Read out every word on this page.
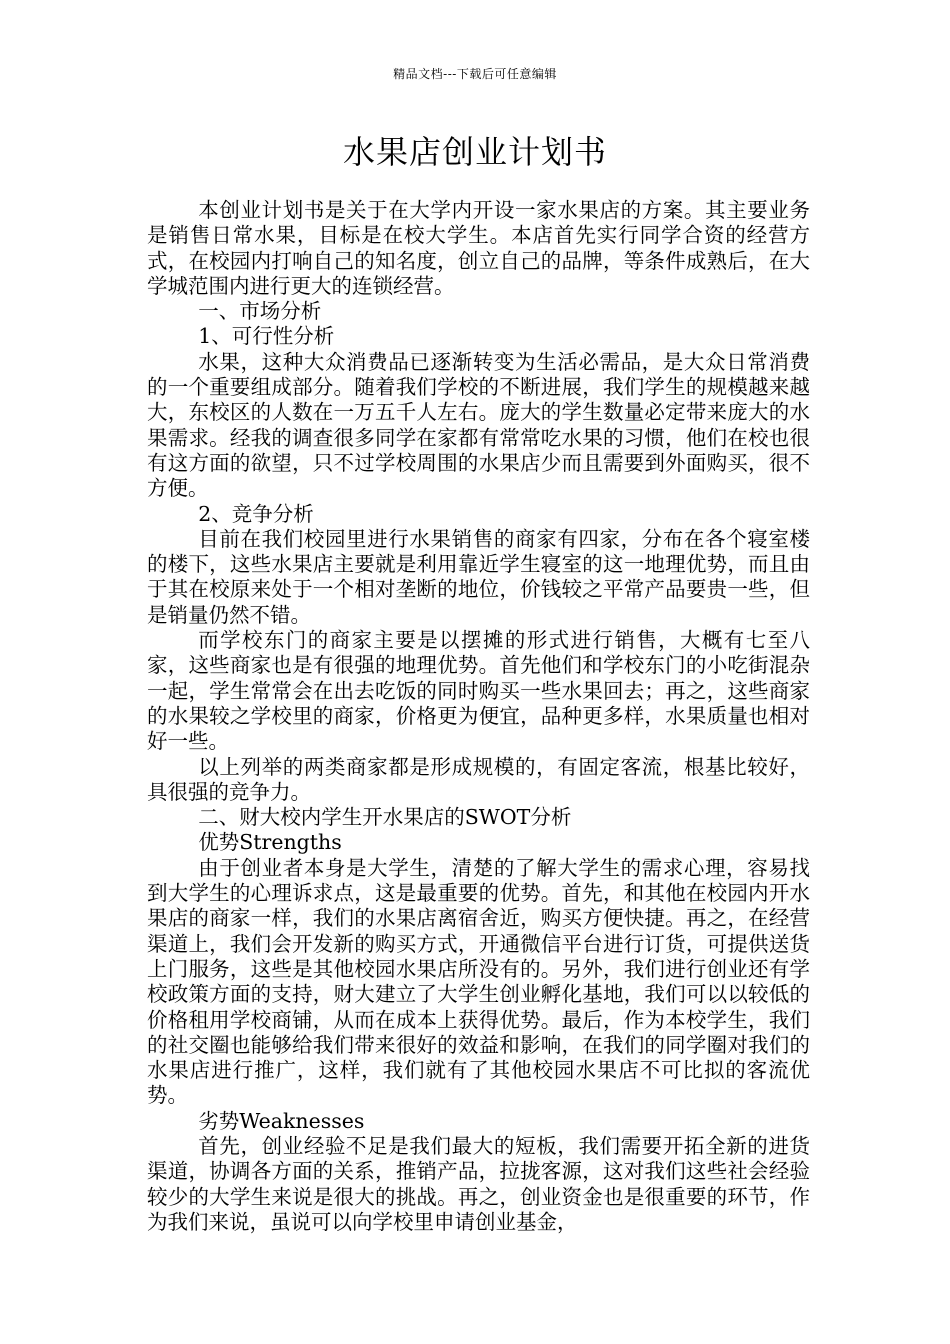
精品文档---下载后可任意编辑
水果店创业计划书

本创业计划书是关于在大学内开设一家水果店的方案。其主要业务是销售日常水果，目标是在校大学生。本店首先实行同学合资的经营方式，在校园内打响自己的知名度，创立自己的品牌，等条件成熟后，在大学城范围内进行更大的连锁经营。

一、市场分析

1、可行性分析

水果，这种大众消费品已逐渐转变为生活必需品，是大众日常消费的一个重要组成部分。随着我们学校的不断进展，我们学生的规模越来越大，东校区的人数在一万五千人左右。庞大的学生数量必定带来庞大的水果需求。经我的调查很多同学在家都有常常吃水果的习惯，他们在校也很有这方面的欲望，只不过学校周围的水果店少而且需要到外面购买，很不方便。

2、竞争分析

目前在我们校园里进行水果销售的商家有四家，分布在各个寝室楼的楼下，这些水果店主要就是利用靠近学生寝室的这一地理优势，而且由于其在校原来处于一个相对垄断的地位，价钱较之平常产品要贵一些，但是销量仍然不错。

而学校东门的商家主要是以摆摊的形式进行销售，大概有七至八家，这些商家也是有很强的地理优势。首先他们和学校东门的小吃街混杂一起，学生常常会在出去吃饭的同时购买一些水果回去；再之，这些商家的水果较之学校里的商家，价格更为便宜，品种更多样，水果质量也相对好一些。

以上列举的两类商家都是形成规模的，有固定客流，根基比较好，具很强的竞争力。

二、财大校内学生开水果店的SWOT分析

优势Strengths

由于创业者本身是大学生，清楚的了解大学生的需求心理，容易找到大学生的心理诉求点，这是最重要的优势。首先，和其他在校园内开水果店的商家一样，我们的水果店离宿舍近，购买方便快捷。再之，在经营渠道上，我们会开发新的购买方式，开通微信平台进行订货，可提供送货上门服务，这些是其他校园水果店所没有的。另外，我们进行创业还有学校政策方面的支持，财大建立了大学生创业孵化基地，我们可以以较低的价格租用学校商铺，从而在成本上获得优势。最后，作为本校学生，我们的社交圈也能够给我们带来很好的效益和影响，在我们的同学圈对我们的水果店进行推广，这样，我们就有了其他校园水果店不可比拟的客流优势。

劣势Weaknesses

首先，创业经验不足是我们最大的短板，我们需要开拓全新的进货渠道，协调各方面的关系，推销产品，拉拢客源，这对我们这些社会经验较少的大学生来说是很大的挑战。再之，创业资金也是很重要的环节，作为我们来说，虽说可以向学校里申请创业基金，
